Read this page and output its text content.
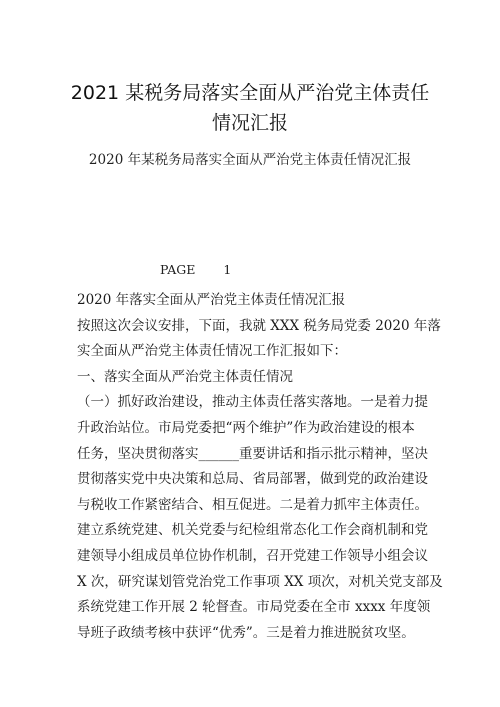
2021 某税务局落实全面从严治党主体责任
情况汇报
2020 年某税务局落实全面从严治党主体责任情况汇报
PAGE 1
2020 年落实全面从严治党主体责任情况汇报
按照这次会议安排，下面，我就 XXX 税务局党委 2020 年落
实全面从严治党主体责任情况工作汇报如下：
一、落实全面从严治党主体责任情况
（一）抓好政治建设，推动主体责任落实落地。一是着力提
升政治站位。市局党委把“两个维护”作为政治建设的根本
任务，坚决贯彻落实______重要讲话和指示批示精神，坚决
贯彻落实党中央决策和总局、省局部署，做到党的政治建设
与税收工作紧密结合、相互促进。二是着力抓牢主体责任。
建立系统党建、机关党委与纪检组常态化工作会商机制和党
建领导小组成员单位协作机制，召开党建工作领导小组会议
X 次，研究谋划管党治党工作事项 XX 项次，对机关党支部及
系统党建工作开展 2 轮督查。市局党委在全市 xxxx 年度领
导班子政绩考核中获评“优秀”。三是着力推进脱贫攻坚。
